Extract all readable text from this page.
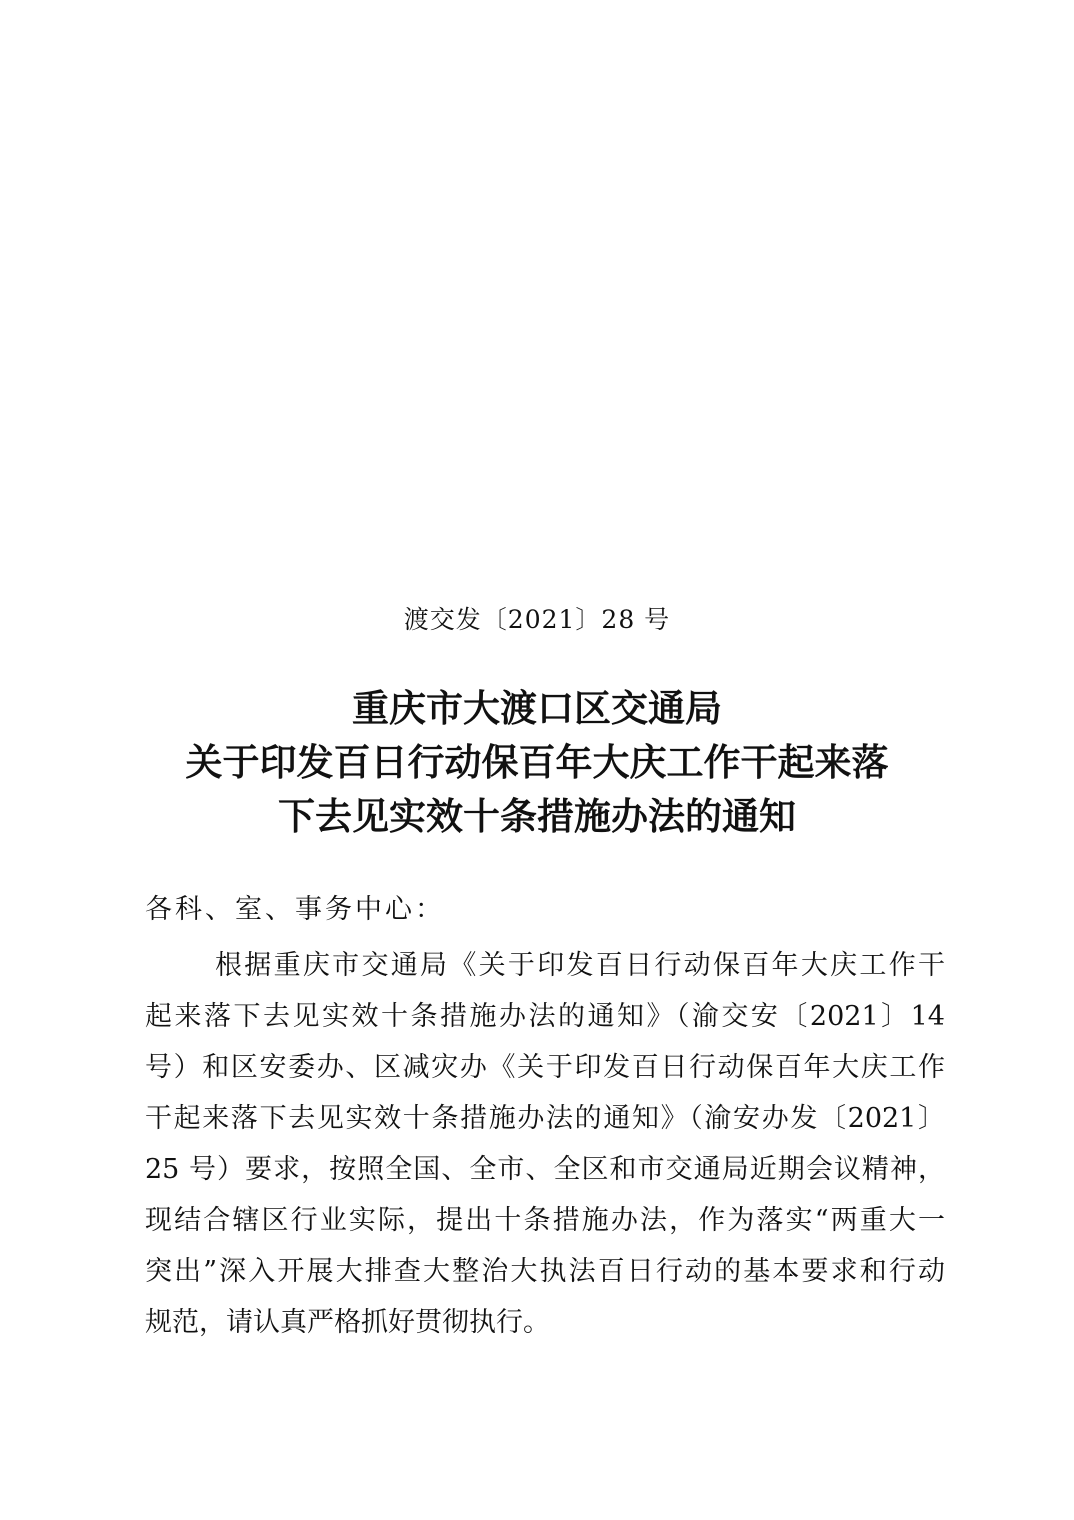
渡交发〔2021〕28 号
重庆市大渡口区交通局
关于印发百日行动保百年大庆工作干起来落
下去见实效十条措施办法的通知
各科、室、事务中心：
根据重庆市交通局《关于印发百日行动保百年大庆工作干
起来落下去见实效十条措施办法的通知》（渝交安〔2021〕14
号）和区安委办、区减灾办《关于印发百日行动保百年大庆工作
干起来落下去见实效十条措施办法的通知》（渝安办发〔2021〕
25 号）要求，按照全国、全市、全区和市交通局近期会议精神，
现结合辖区行业实际，提出十条措施办法，作为落实“两重大一
突出”深入开展大排查大整治大执法百日行动的基本要求和行动
规范，请认真严格抓好贯彻执行。
